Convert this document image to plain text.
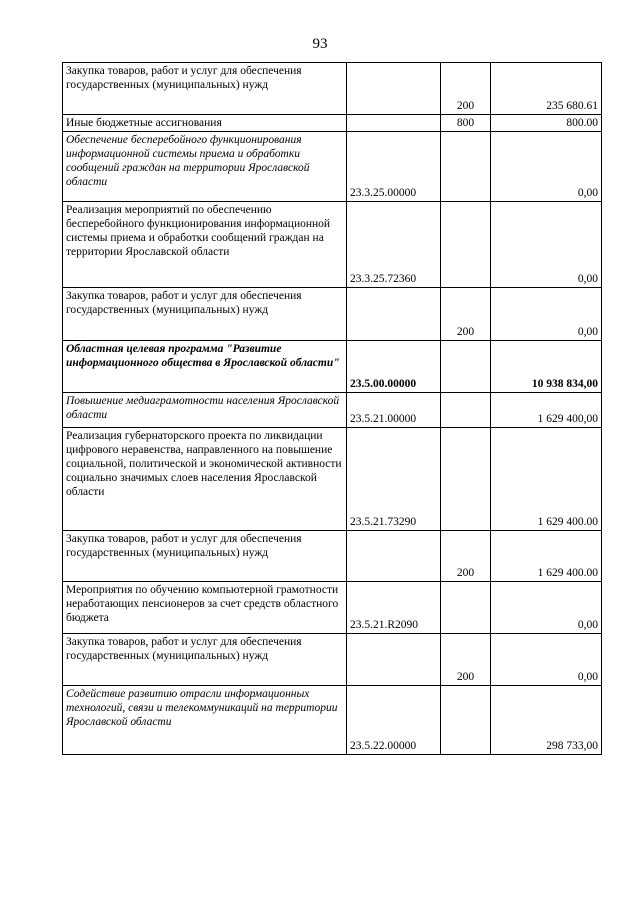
93
Закупка товаров, работ и услуг для обеспечения государственных (муниципальных) нужд		200	235 680.61
Иные бюджетные ассигнования		800	800.00
Обеспечение бесперебойного функционирования информационной системы приема и обработки сообщений граждан на территории Ярославской области	23.3.25.00000		0,00
Реализация мероприятий по обеспечению бесперебойного функционирования информационной системы приема и обработки сообщений граждан на территории Ярославской области	23.3.25.72360		0,00
Закупка товаров, работ и услуг для обеспечения государственных (муниципальных) нужд		200	0,00
Областная целевая программа "Развитие информационного общества в Ярославской области"	23.5.00.00000		10 938 834,00
Повышение медиаграмотности населения Ярославской области	23.5.21.00000		1 629 400,00
Реализация губернаторского проекта по ликвидации цифрового неравенства, направленного на повышение социальной, политической и экономической активности социально значимых слоев населения Ярославской области	23.5.21.73290		1 629 400.00
Закупка товаров, работ и услуг для обеспечения государственных (муниципальных) нужд		200	1 629 400.00
Мероприятия по обучению компьютерной грамотности неработающих пенсионеров за счет средств областного бюджета	23.5.21.R2090		0,00
Закупка товаров, работ и услуг для обеспечения государственных (муниципальных) нужд		200	0,00
Содействие развитию отрасли информационных технологий, связи и телекоммуникаций на территории Ярославской области	23.5.22.00000		298 733,00
